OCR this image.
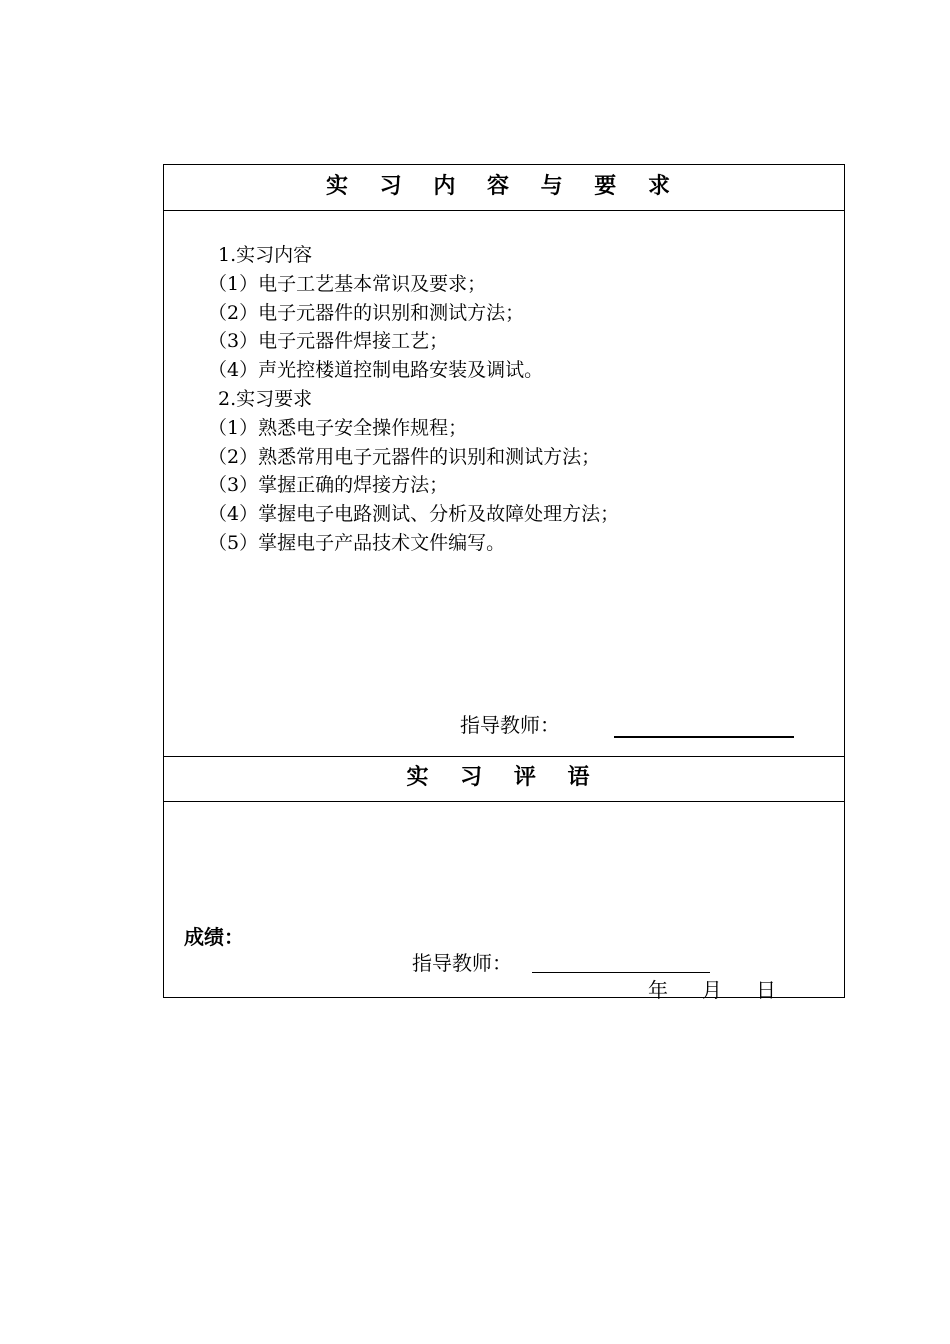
实 习 内 容 与 要 求
1.实习内容
（1）电子工艺基本常识及要求；
（2）电子元器件的识别和测试方法；
（3）电子元器件焊接工艺；
（4）声光控楼道控制电路安装及调试。
2.实习要求
（1）熟悉电子安全操作规程；
（2）熟悉常用电子元器件的识别和测试方法；
（3）掌握正确的焊接方法；
（4）掌握电子电路测试、分析及故障处理方法；
（5）掌握电子产品技术文件编写。
指导教师：
实 习 评 语
成绩：
指导教师：
年 月 日
